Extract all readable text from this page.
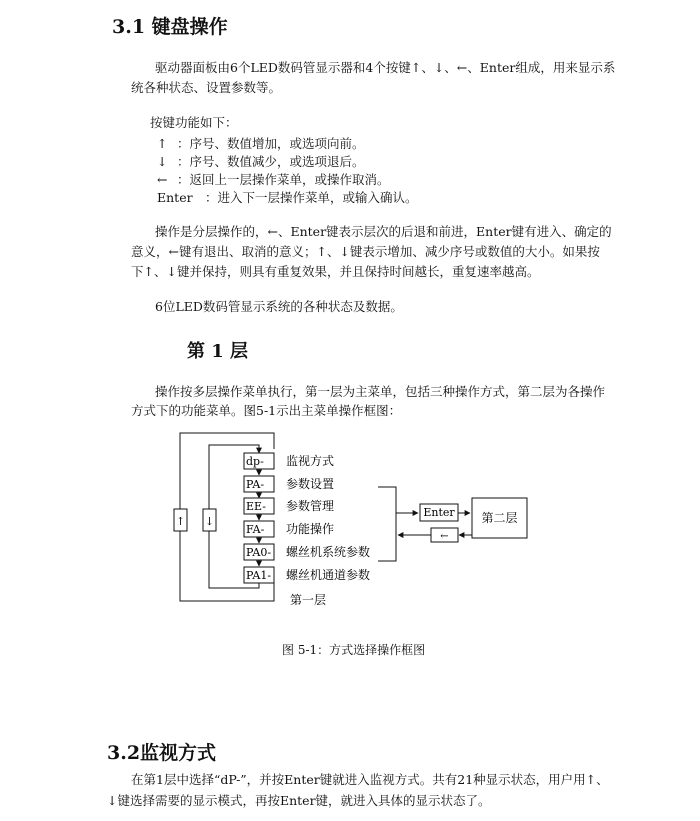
3.1 键盘操作
驱动器面板由6个LED数码管显示器和4个按键↑、↓、←、Enter组成，用来显示系
统各种状态、设置参数等。
按键功能如下：
↑ ：序号、数值增加，或选项向前。
↓ ：序号、数值减少，或选项退后。
← ：返回上一层操作菜单，或操作取消。
Enter ：进入下一层操作菜单，或输入确认。
操作是分层操作的，←、Enter键表示层次的后退和前进，Enter键有进入、确定的
意义，←键有退出、取消的意义；↑、↓键表示增加、减少序号或数值的大小。如果按
下↑、↓键并保持，则具有重复效果，并且保持时间越长，重复速率越高。
6位LED数码管显示系统的各种状态及数据。
第 1 层
操作按多层操作菜单执行，第一层为主菜单，包括三种操作方式，第二层为各操作
方式下的功能菜单。图5-1示出主菜单操作框图：
↑ ↓
←
dp-
PA-
EE-
FA-
PA0-
PA1-
监视方式
参数设置
参数管理
功能操作
螺丝机系统参数
螺丝机通道参数
Enter 第二层
第一层
图 5-1：方式选择操作框图
3.2监视方式
在第1层中选择“dP-”，并按Enter键就进入监视方式。共有21种显示状态，用户用↑、
↓键选择需要的显示模式，再按Enter键，就进入具体的显示状态了。
